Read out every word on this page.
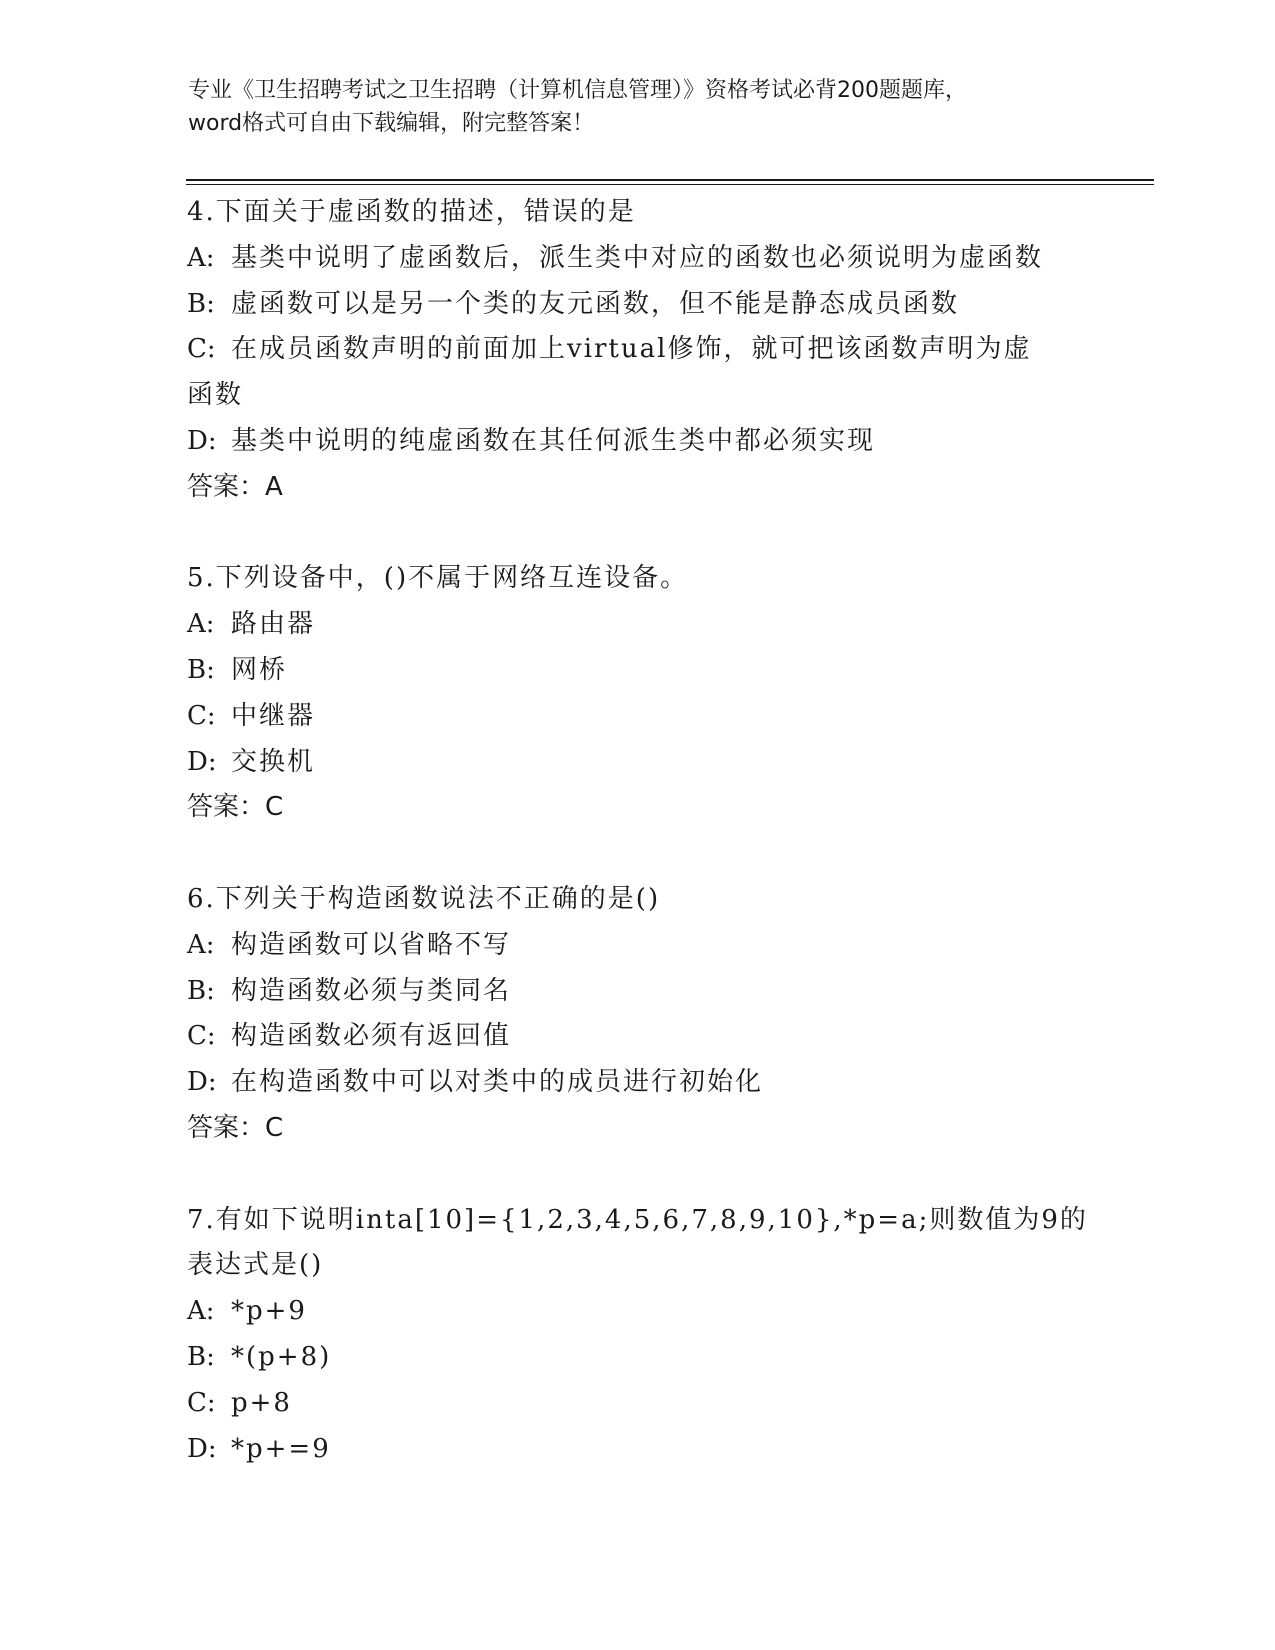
专业《卫生招聘考试之卫生招聘（计算机信息管理）》资格考试必背200题题库，

word格式可自由下载编辑，附完整答案！

4.下面关于虚函数的描述，错误的是
A: 基类中说明了虚函数后，派生类中对应的函数也必须说明为虚函数
B: 虚函数可以是另一个类的友元函数，但不能是静态成员函数
C: 在成员函数声明的前面加上virtual修饰，就可把该函数声明为虚
函数
D: 基类中说明的纯虚函数在其任何派生类中都必须实现
答案：A
5.下列设备中，()不属于网络互连设备。
A: 路由器
B: 网桥
C: 中继器
D: 交换机
答案：C
6.下列关于构造函数说法不正确的是()
A: 构造函数可以省略不写
B: 构造函数必须与类同名
C: 构造函数必须有返回值
D: 在构造函数中可以对类中的成员进行初始化
答案：C
7.有如下说明inta[10]={1,2,3,4,5,6,7,8,9,10},*p=a;则数值为9的
表达式是()
A: *p+9
B: *(p+8)
C: p+8
D: *p+=9
